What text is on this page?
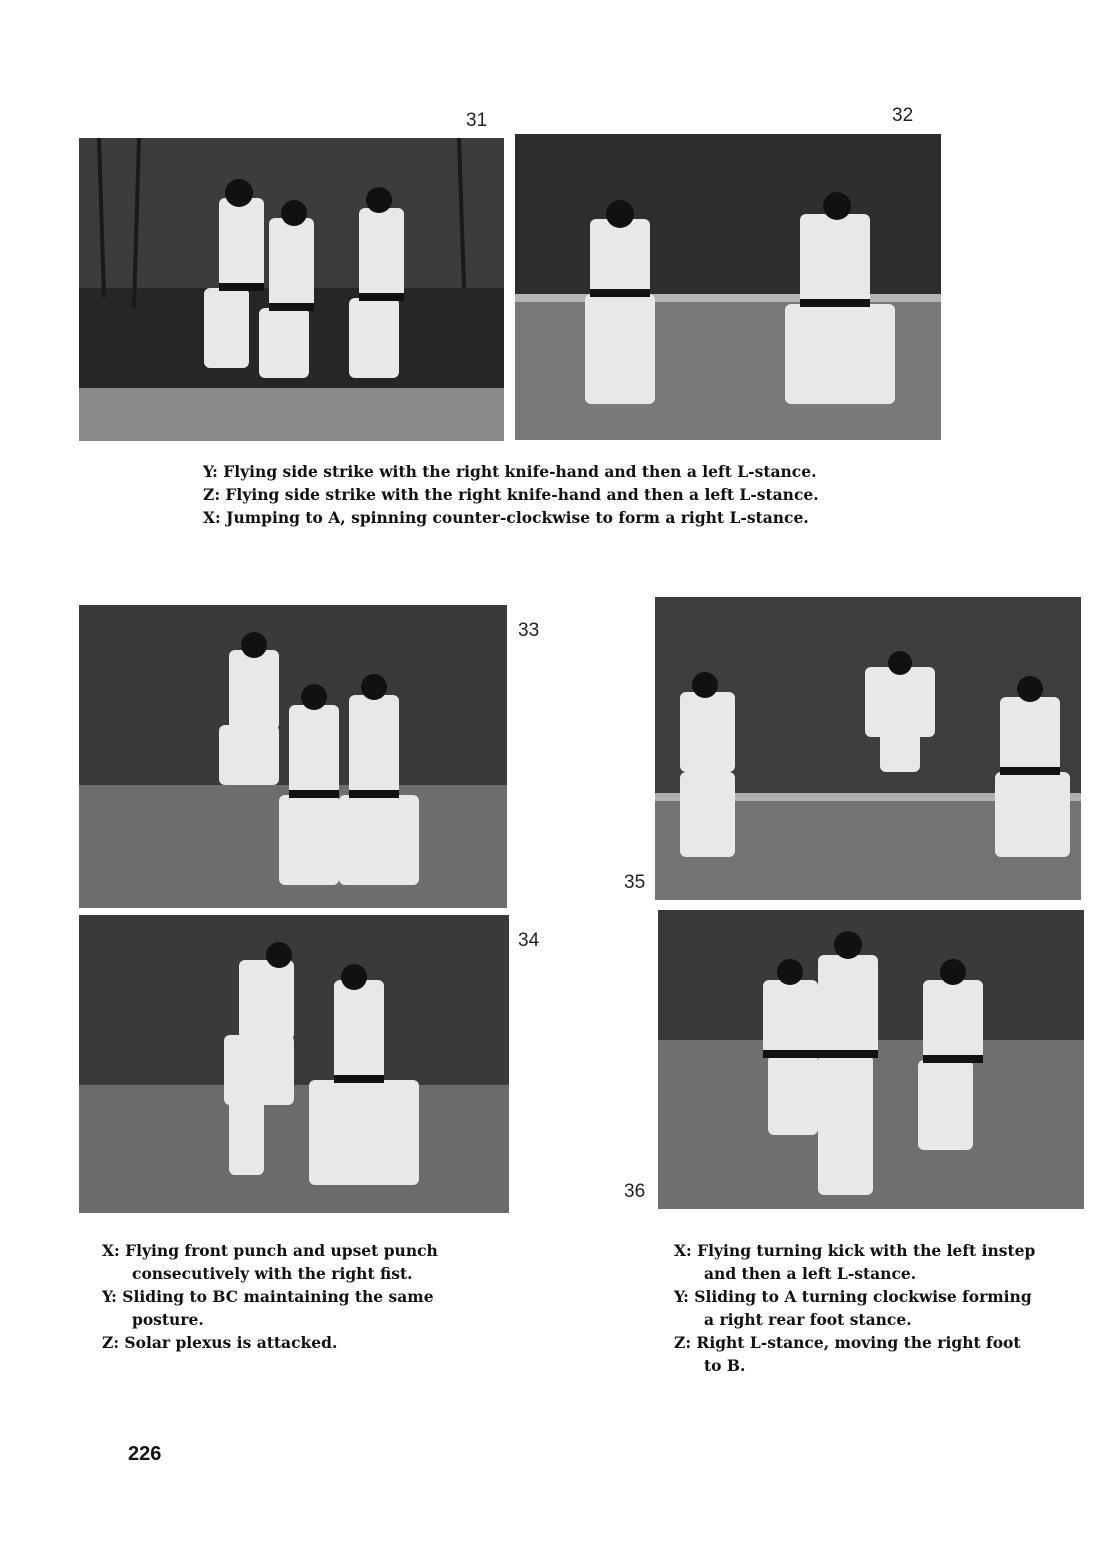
31	32
33
34
35
36
Y: Flying side strike with the right knife-hand and then a left L-stance.
Z: Flying side strike with the right knife-hand and then a left L-stance.
X: Jumping to A, spinning counter-clockwise to form a right L-stance.
X: Flying front punch and upset punch
consecutively with the right fist.
Y: Sliding to BC maintaining the same
posture.
Z: Solar plexus is attacked.
X: Flying turning kick with the left instep
and then a left L-stance.
Y: Sliding to A turning clockwise forming
a right rear foot stance.
Z: Right L-stance, moving the right foot
to B.
226
